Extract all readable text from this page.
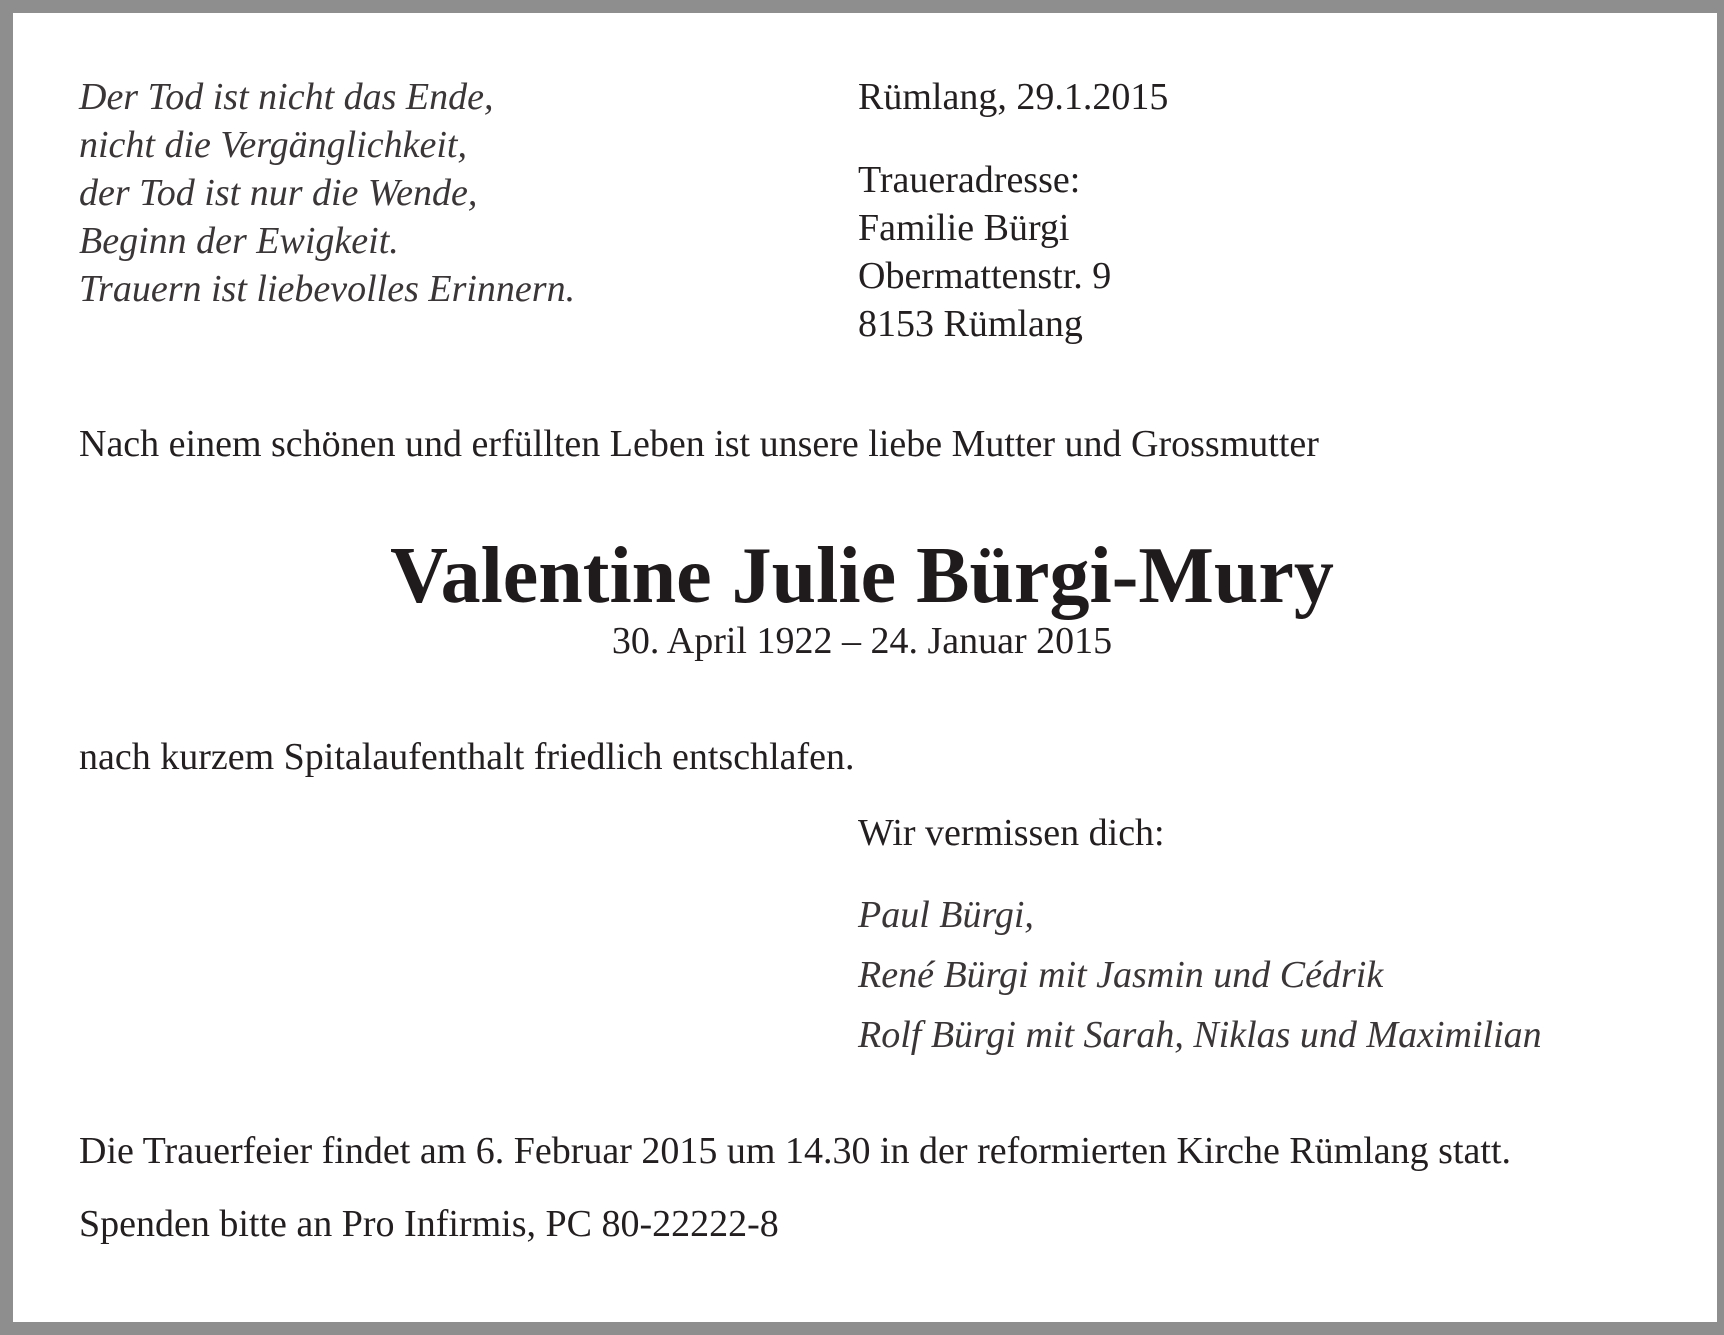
Der Tod ist nicht das Ende,
nicht die Vergänglichkeit,
der Tod ist nur die Wende,
Beginn der Ewigkeit.
Trauern ist liebevolles Erinnern.
Rümlang, 29.1.2015
Traueradresse:
Familie Bürgi
Obermattenstr. 9
8153 Rümlang
Nach einem schönen und erfüllten Leben ist unsere liebe Mutter und Grossmutter
Valentine Julie Bürgi-Mury
30. April 1922 – 24. Januar 2015
nach kurzem Spitalaufenthalt friedlich entschlafen.
Wir vermissen dich:
Paul Bürgi,
René Bürgi mit Jasmin und Cédrik
Rolf Bürgi mit Sarah, Niklas und Maximilian
Die Trauerfeier findet am 6. Februar 2015 um 14.30 in der reformierten Kirche Rümlang statt.
Spenden bitte an Pro Infirmis, PC 80-22222-8
